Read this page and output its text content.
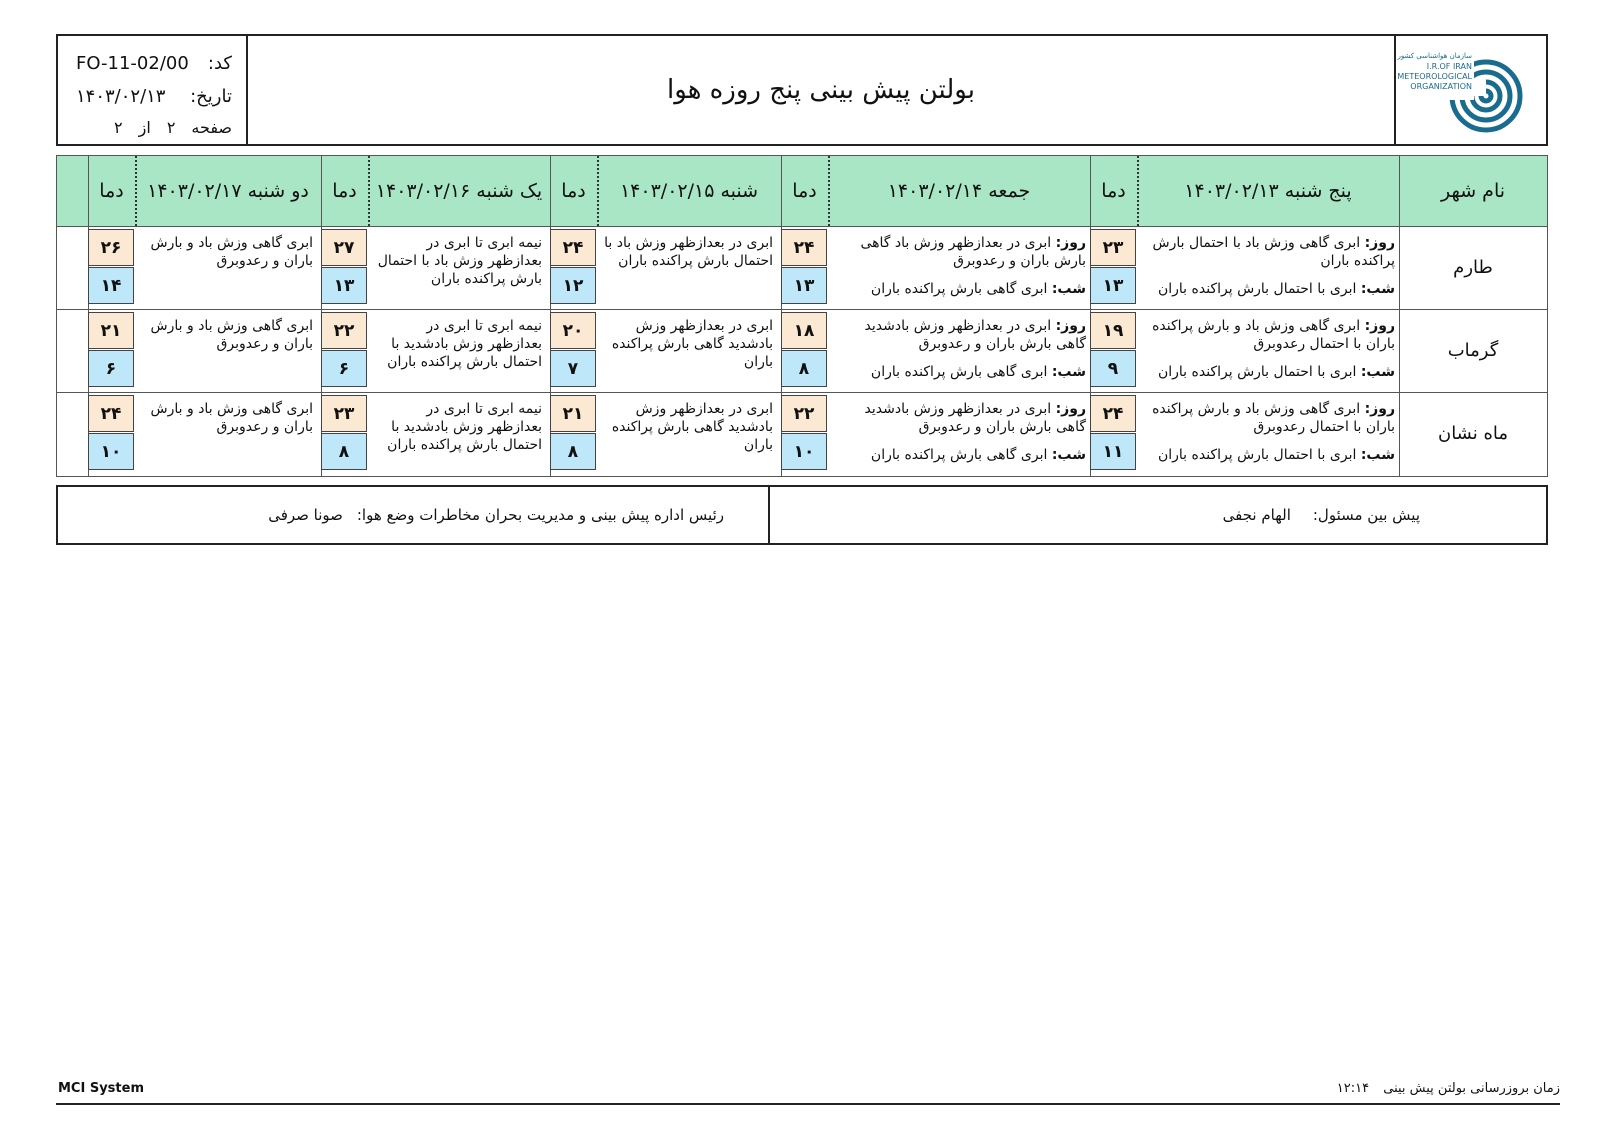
کد:
FO-11-02/00
تاریخ:
۱۴۰۳/۰۲/۱۳
صفحه
۲
از
۲
بولتن پیش بینی پنج روزه هوا
سازمان هواشناسی کشور
I.R.OF IRAN
METEOROLOGICAL
ORGANIZATION
نام شهر
پنج شنبه ۱۴۰۳/۰۲/۱۳
دما
جمعه ۱۴۰۳/۰۲/۱۴
دما
شنبه ۱۴۰۳/۰۲/۱۵
دما
یک شنبه ۱۴۰۳/۰۲/۱۶
دما
دو شنبه ۱۴۰۳/۰۲/۱۷
دما
طارم
روز: ابری گاهی وزش باد با احتمال بارش پراکنده باران
شب: ابری با احتمال بارش پراکنده باران
۲۳
۱۳
روز: ابری در بعدازظهر وزش باد گاهی بارش باران و رعدوبرق
شب: ابری گاهی بارش پراکنده باران
۲۴
۱۳
ابری در بعدازظهر وزش باد با احتمال بارش پراکنده باران
۲۴
۱۲
نیمه ابری تا ابری در بعدازظهر وزش باد با احتمال بارش پراکنده باران
۲۷
۱۳
ابری گاهی وزش باد و بارش باران و رعدوبرق
۲۶
۱۴
گرماب
روز: ابری گاهی وزش باد و بارش پراکنده باران با احتمال رعدوبرق
شب: ابری با احتمال بارش پراکنده باران
۱۹
۹
روز: ابری در بعدازظهر وزش بادشدید گاهی بارش باران و رعدوبرق
شب: ابری گاهی بارش پراکنده باران
۱۸
۸
ابری در بعدازظهر وزش بادشدید گاهی بارش پراکنده باران
۲۰
۷
نیمه ابری تا ابری در بعدازظهر وزش بادشدید با احتمال بارش پراکنده باران
۲۲
۶
ابری گاهی وزش باد و بارش باران و رعدوبرق
۲۱
۶
ماه نشان
روز: ابری گاهی وزش باد و بارش پراکنده باران با احتمال رعدوبرق
شب: ابری با احتمال بارش پراکنده باران
۲۴
۱۱
روز: ابری در بعدازظهر وزش بادشدید گاهی بارش باران و رعدوبرق
شب: ابری گاهی بارش پراکنده باران
۲۲
۱۰
ابری در بعدازظهر وزش بادشدید گاهی بارش پراکنده باران
۲۱
۸
نیمه ابری تا ابری در بعدازظهر وزش بادشدید با احتمال بارش پراکنده باران
۲۳
۸
ابری گاهی وزش باد و بارش باران و رعدوبرق
۲۴
۱۰
پیش بین مسئول:
الهام نجفی
رئیس اداره پیش بینی و مدیریت بحران مخاطرات وضع هوا:
صونا صرفی
MCI System	زمان بروزرسانی بولتن پیش بینی ۱۲:۱۴
